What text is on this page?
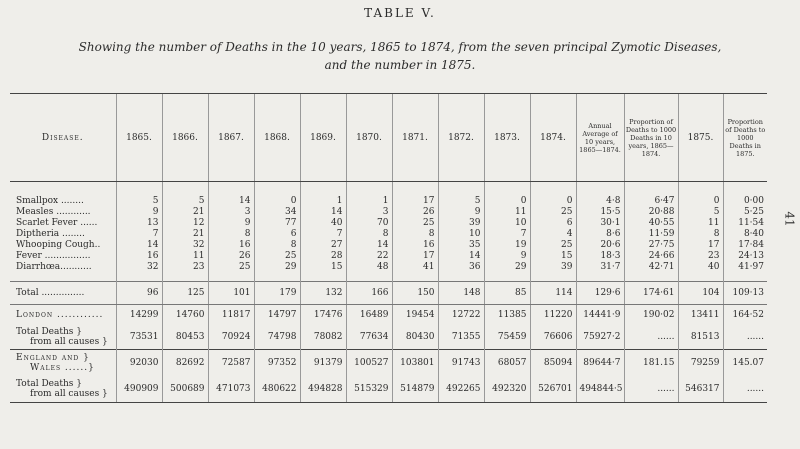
TABLE V.
Showing the number of Deaths in the 10 years, 1865 to 1874, from the seven principal Zymotic Diseases,
and the number in 1875.
41
Disease.	1865.	1866.	1867.	1868.	1869.	1870.	1871.	1872.	1873.	1874.	Annual Average of 10 years, 1865—1874.	Proportion of Deaths to 1000 Deaths in 10 years, 1865—1874.	1875.	Proportion of Deaths to 1000 Deaths in 1875.

Smallpox ........	5	5	14	0	1	1	17	5	0	0	4·8	6·47	0	0·00

Measles ............	9	21	3	34	14	3	26	9	11	25	15·5	20·88	5	5·25

Scarlet Fever ......	13	12	9	77	40	70	25	39	10	6	30·1	40·55	11	11·54

Diptheria ........	7	21	8	6	7	8	8	10	7	4	8·6	11·59	8	8·40

Whooping Cough..	14	32	16	8	27	14	16	35	19	25	20·6	27·75	17	17·84

Fever ................	16	11	26	25	28	22	17	14	9	15	18·3	24·66	23	24·13

Diarrhœa...........	32	23	25	29	15	48	41	36	29	39	31·7	42·71	40	41·97

Total ...............	96	125	101	179	132	166	150	148	85	114	129·6	174·61	104	109·13

London ............	14299	14760	11817	14797	17476	16489	19454	12722	11385	11220	14441·9	190·02	13411	164·52

Total Deaths }
from all causes }	73531	80453	70924	74798	78082	77634	80430	71355	75459	76606	75927·2	......	81513	......

England and }
Wales ......}	92030	82692	72587	97352	91379	100527	103801	91743	68057	85094	89644·7	181.15	79259	145.07

Total Deaths }
from all causes }	490909	500689	471073	480622	494828	515329	514879	492265	492320	526701	494844·5	......	546317	......
